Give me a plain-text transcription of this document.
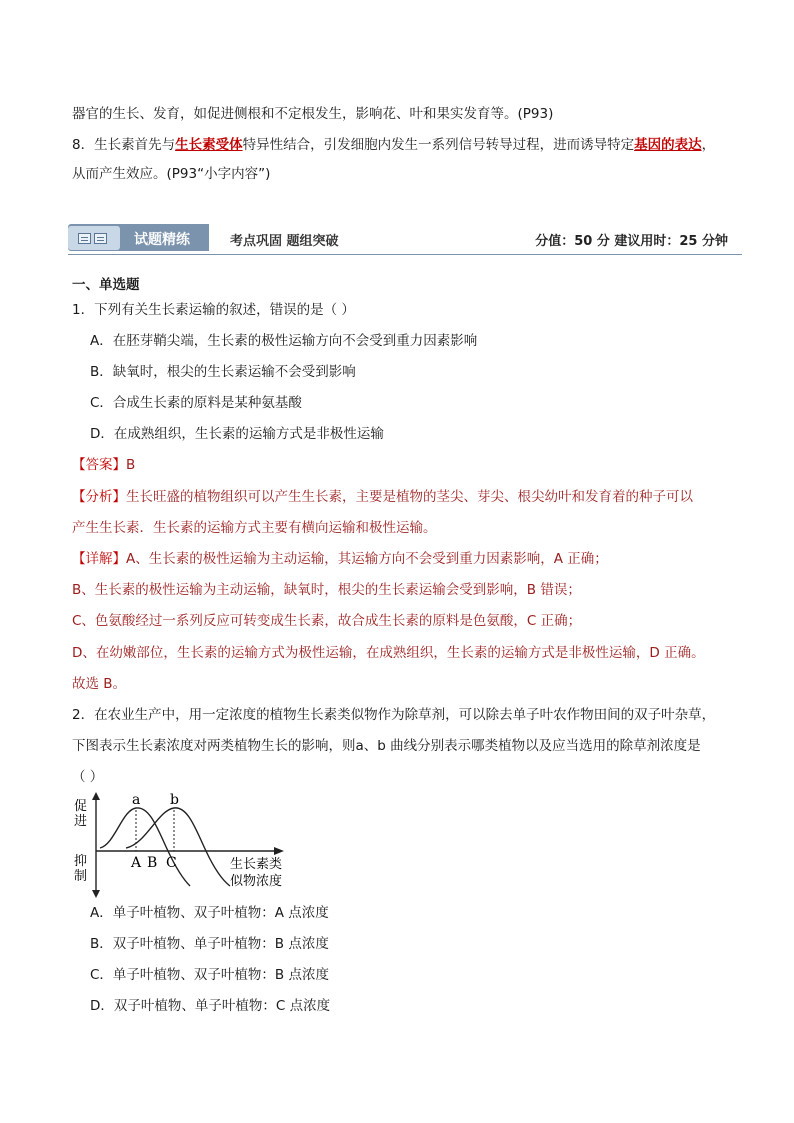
器官的生长、发育，如促进侧根和不定根发生，影响花、叶和果实发育等。(P93)
8．生长素首先与生长素受体特异性结合，引发细胞内发生一系列信号转导过程，进而诱导特定基因的表达，
从而产生效应。(P93“小字内容”)
试题精练	考点巩固 题组突破	分值：50 分 建议用时：25 分钟
一、单选题
1．下列有关生长素运输的叙述，错误的是（ ）
A．在胚芽鞘尖端，生长素的极性运输方向不会受到重力因素影响
B．缺氧时，根尖的生长素运输不会受到影响
C．合成生长素的原料是某种氨基酸
D．在成熟组织，生长素的运输方式是非极性运输
【答案】B
【分析】生长旺盛的植物组织可以产生生长素，主要是植物的茎尖、芽尖、根尖幼叶和发育着的种子可以
产生生长素．生长素的运输方式主要有横向运输和极性运输。
【详解】A、生长素的极性运输为主动运输，其运输方向不会受到重力因素影响，A 正确；
B、生长素的极性运输为主动运输，缺氧时，根尖的生长素运输会受到影响，B 错误；
C、色氨酸经过一系列反应可转变成生长素，故合成生长素的原料是色氨酸，C 正确；
D、在幼嫩部位，生长素的运输方式为极性运输，在成熟组织，生长素的运输方式是非极性运输，D 正确。
故选 B。
2．在农业生产中，用一定浓度的植物生长素类似物作为除草剂，可以除去单子叶农作物田间的双子叶杂草，
下图表示生长素浓度对两类植物生长的影响，则a、b 曲线分别表示哪类植物以及应当选用的除草剂浓度是
（ ）
促进
抑制
a b
A B C	生长素类
似物浓度
A．单子叶植物、双子叶植物：A 点浓度
B．双子叶植物、单子叶植物：B 点浓度
C．单子叶植物、双子叶植物：B 点浓度
D．双子叶植物、单子叶植物：C 点浓度
